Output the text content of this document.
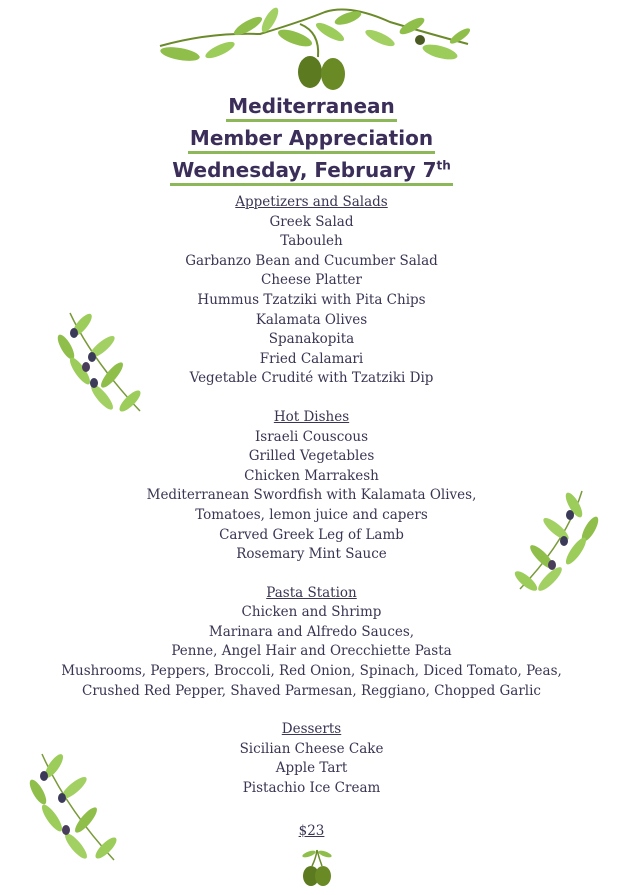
Mediterranean
Member Appreciation
Wednesday, February 7th
Appetizers and Salads
Greek Salad
Tabouleh
Garbanzo Bean and Cucumber Salad
Cheese Platter
Hummus Tzatziki with Pita Chips
Kalamata Olives
Spanakopita
Fried Calamari
Vegetable Crudité with Tzatziki Dip
Hot Dishes
Israeli Couscous
Grilled Vegetables
Chicken Marrakesh
Mediterranean Swordfish with Kalamata Olives,
Tomatoes, lemon juice and capers
Carved Greek Leg of Lamb
Rosemary Mint Sauce
Pasta Station
Chicken and Shrimp
Marinara and Alfredo Sauces,
Penne, Angel Hair and Orecchiette Pasta
Mushrooms, Peppers, Broccoli, Red Onion, Spinach, Diced Tomato, Peas,
Crushed Red Pepper, Shaved Parmesan, Reggiano, Chopped Garlic
Desserts
Sicilian Cheese Cake
Apple Tart
Pistachio Ice Cream
$23
